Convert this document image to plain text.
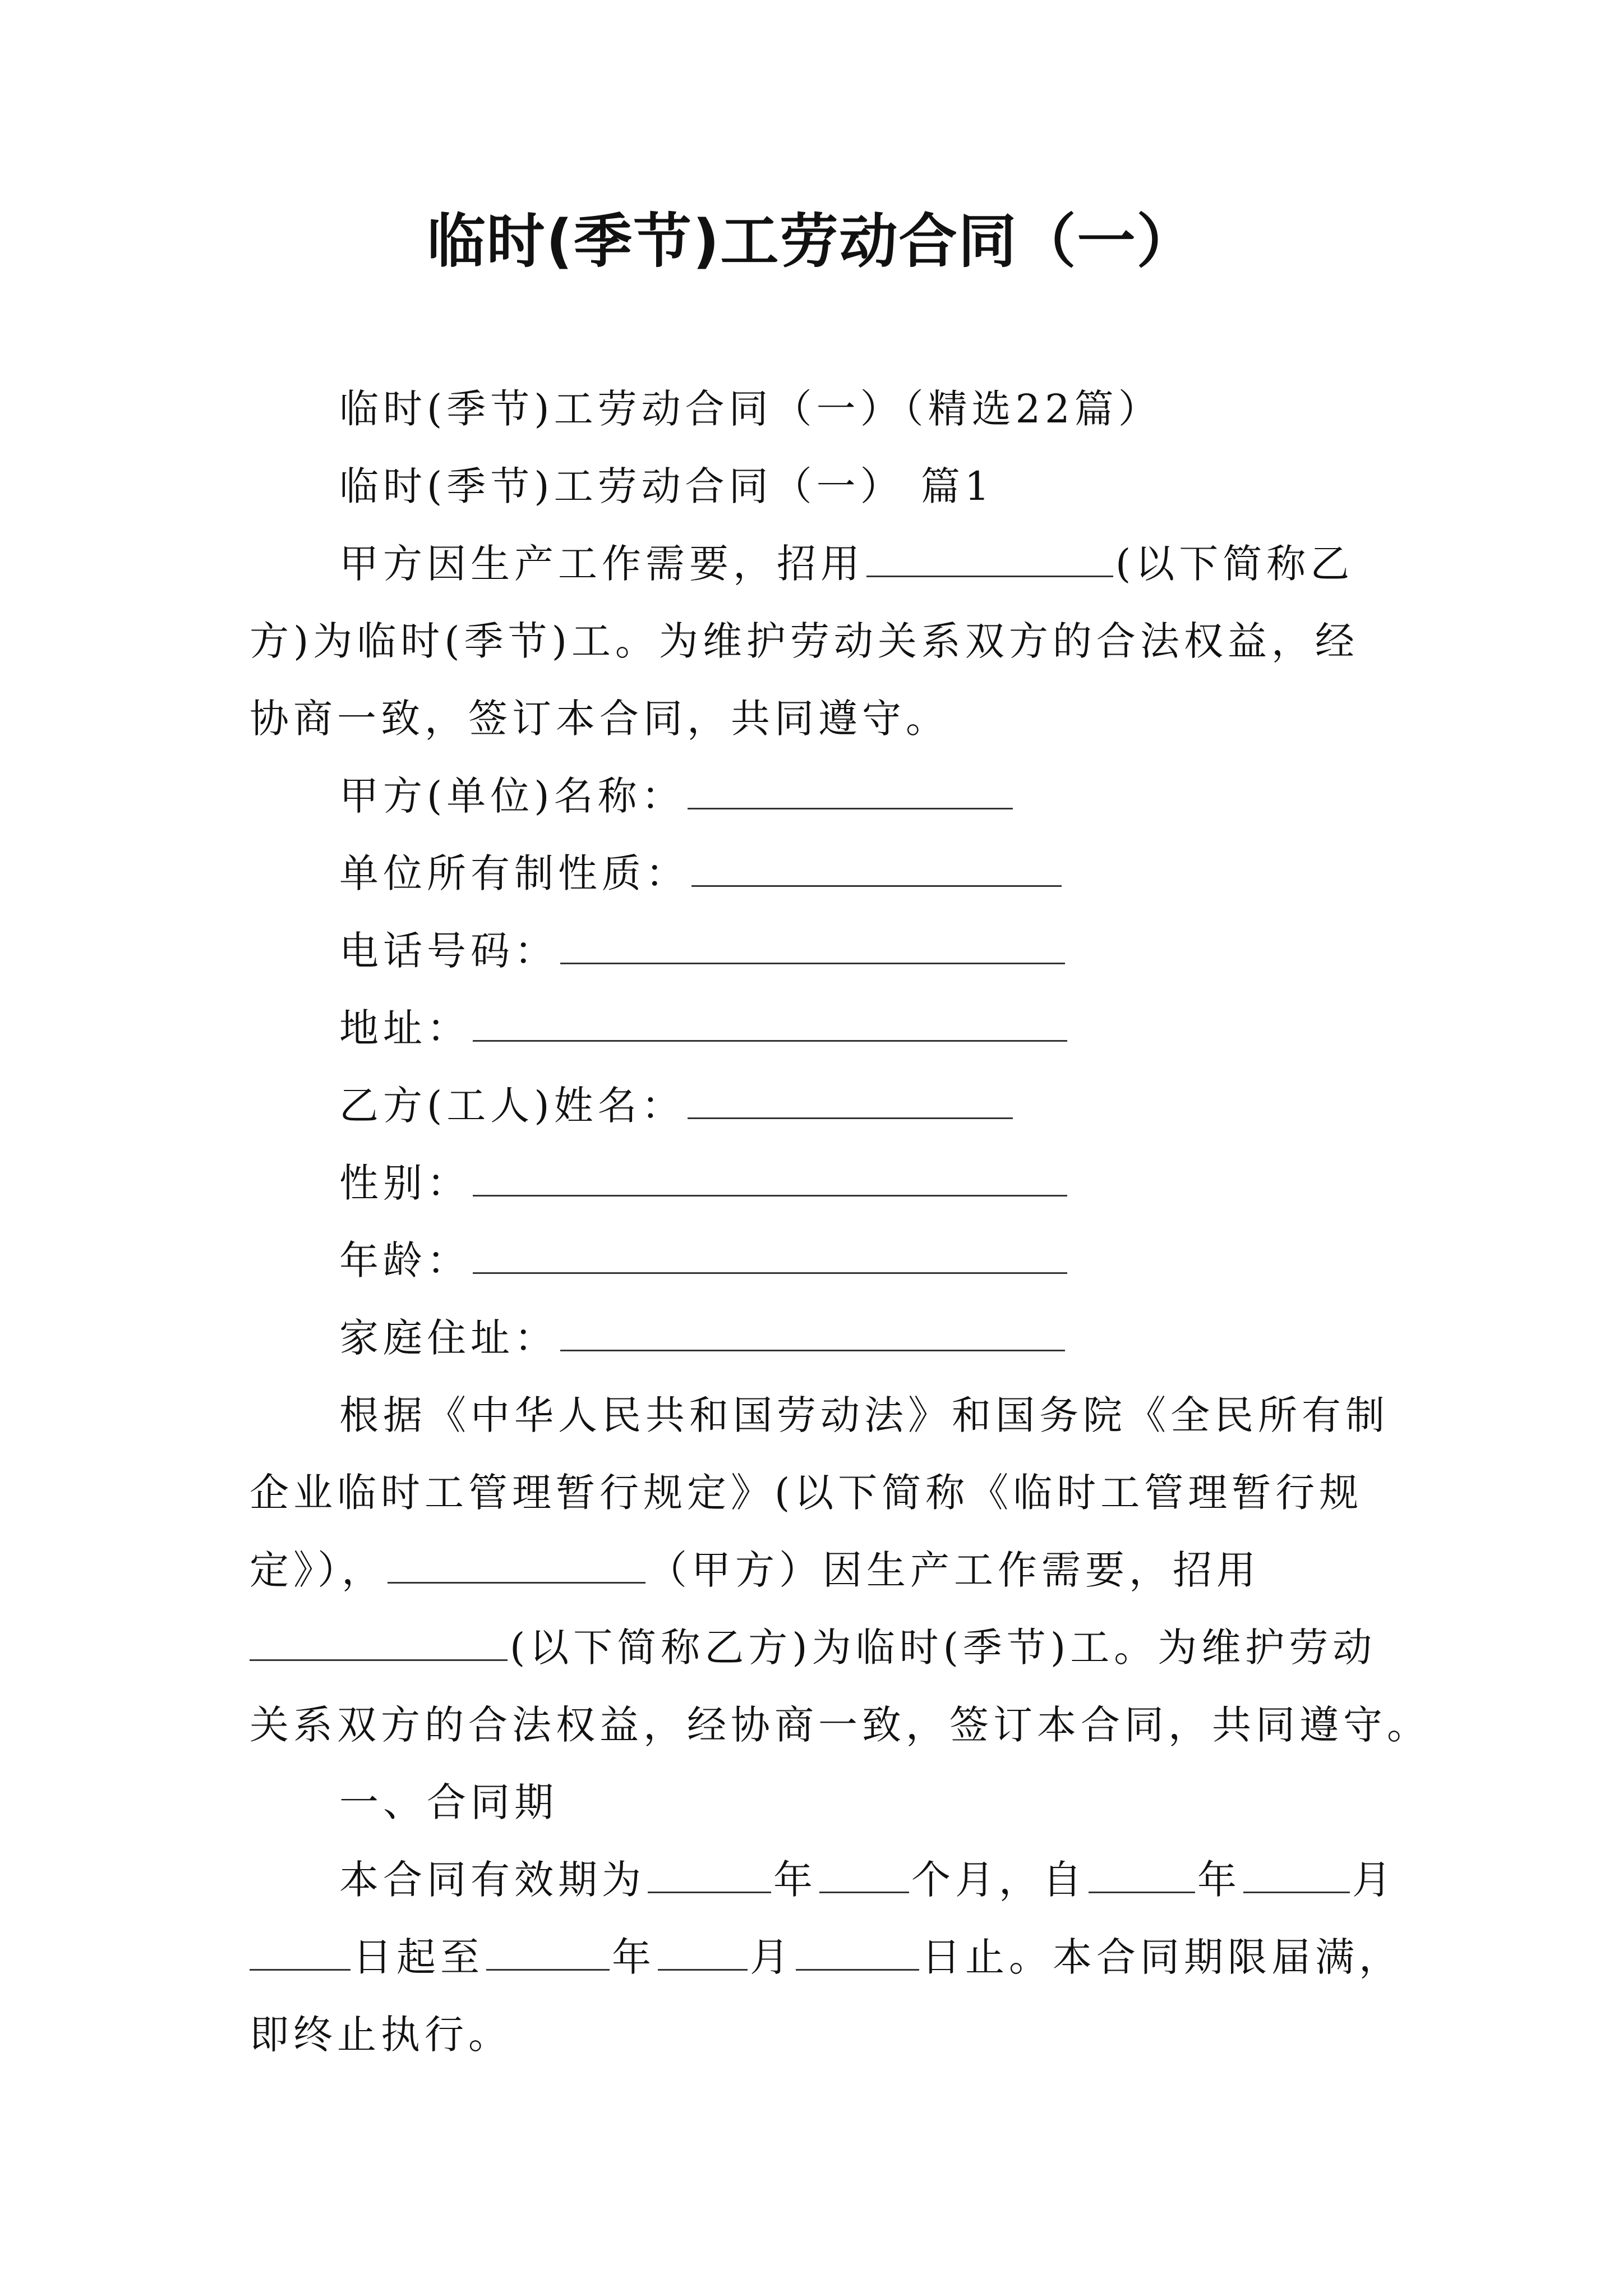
临时(季节)工劳动合同（一）
临时(季节)工劳动合同（一）（精选22篇）
临时(季节)工劳动合同（一） 篇1
甲方因生产工作需要，招用	(以下简称乙
方)为临时(季节)工。为维护劳动关系双方的合法权益，经
协商一致，签订本合同，共同遵守。
甲方(单位)名称：
单位所有制性质：
电话号码：
地址：
乙方(工人)姓名：
性别：
年龄：
家庭住址：
根据《中华人民共和国劳动法》和国务院《全民所有制
企业临时工管理暂行规定》(以下简称《临时工管理暂行规
定》），	（甲方）因生产工作需要，招用
(以下简称乙方)为临时(季节)工。为维护劳动
关系双方的合法权益，经协商一致，签订本合同，共同遵守。
一、合同期
本合同有效期为	年 个月，自	年	月
日起至	年 月	日止。本合同期限届满，
即终止执行。
